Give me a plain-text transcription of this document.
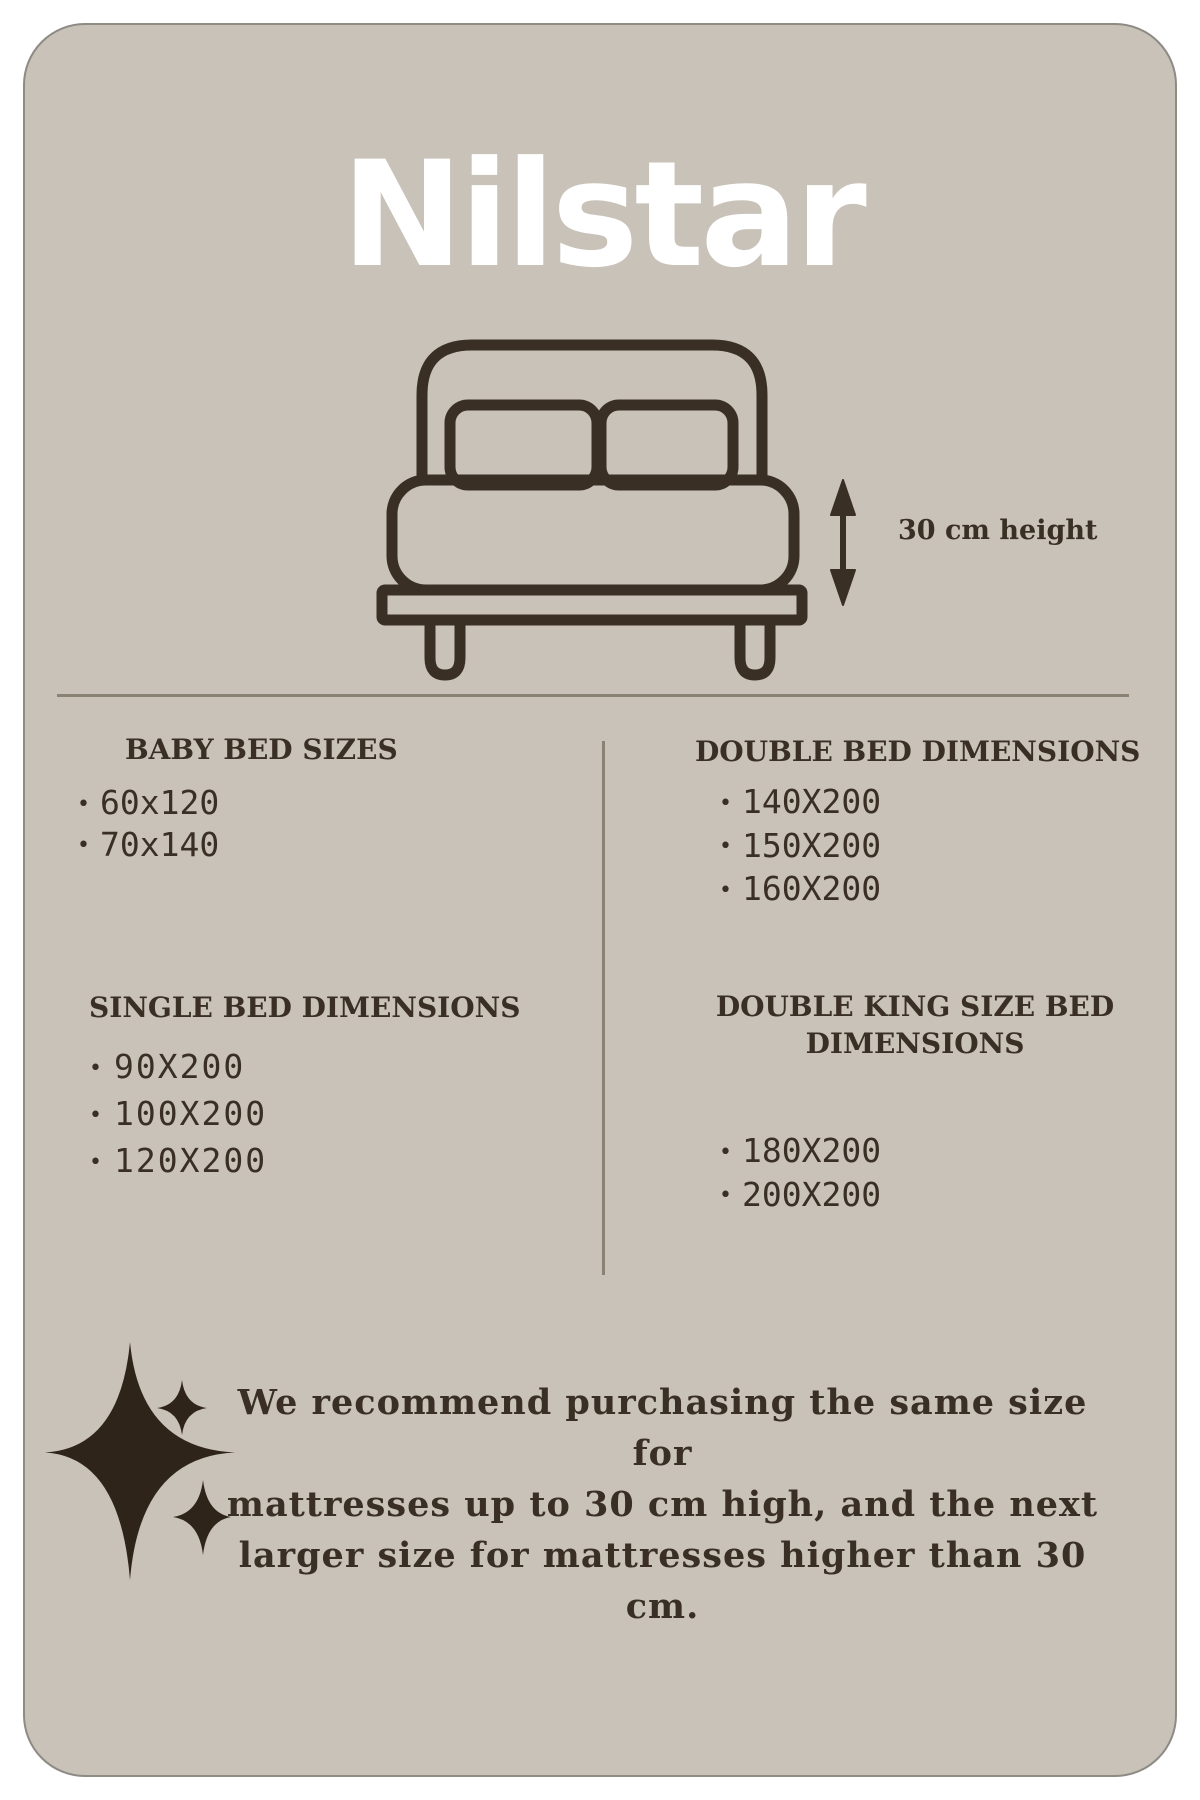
Nilstar
30 cm height
BABY BED SIZES
• 60x120
• 70x140
SINGLE BED DIMENSIONS
• 90X200
• 100X200
• 120X200
DOUBLE BED DIMENSIONS
• 140X200
• 150X200
• 160X200
DOUBLE KING SIZE BED
DIMENSIONS
• 180X200
• 200X200
We recommend purchasing the same size for
mattresses up to 30 cm high, and the next
larger size for mattresses higher than 30 cm.
